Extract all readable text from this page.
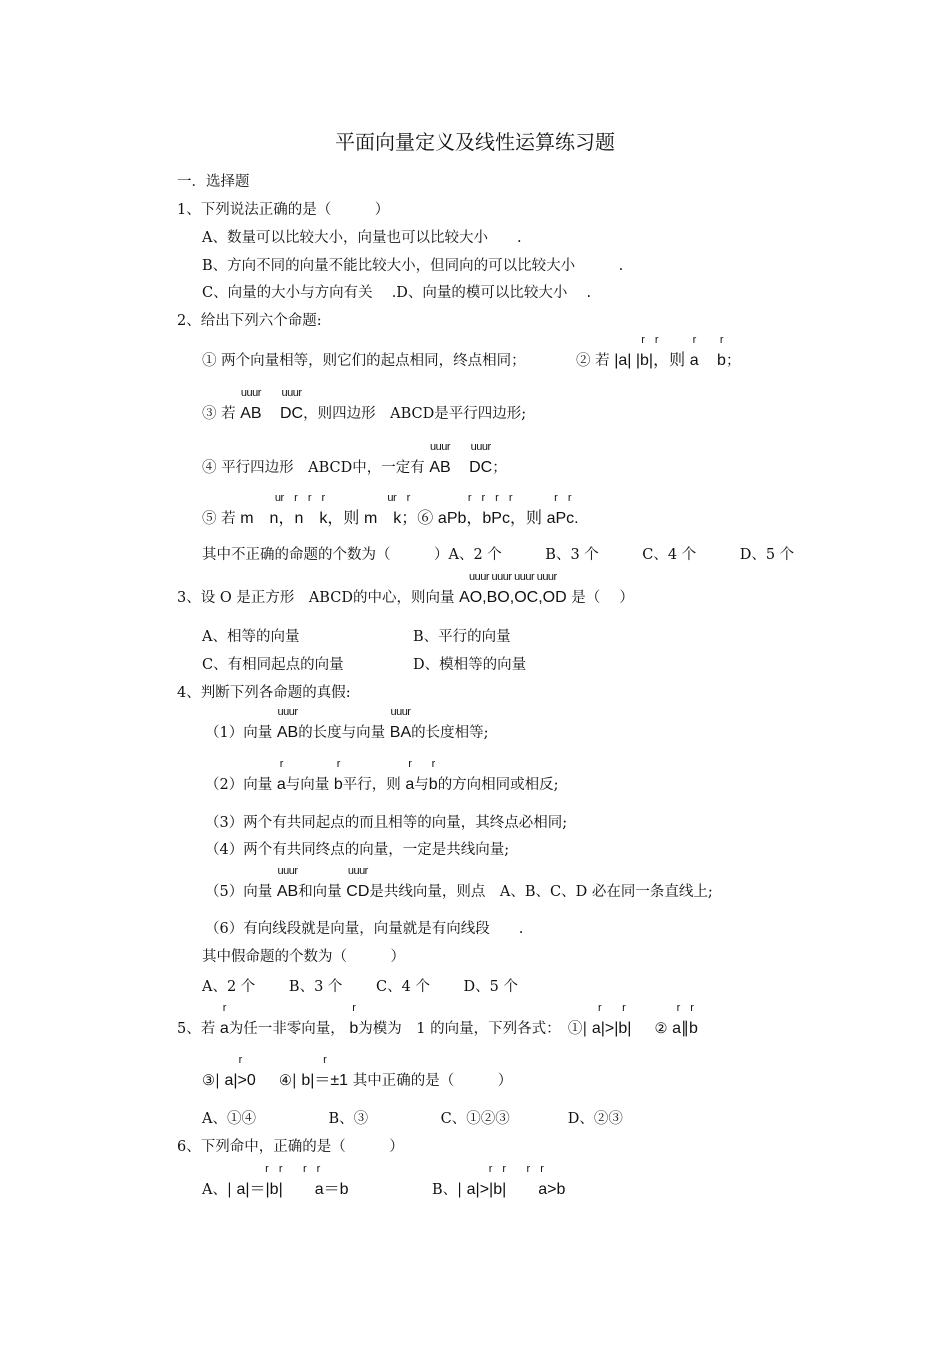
平面向量定义及线性运算练习题
一．选择题
1、下列说法正确的是（　　　）
A、数量可以比较大小，向量也可以比较大小　　.
B、方向不同的向量不能比较大小，但同向的可以比较大小　　　.
C、向量的大小与方向有关　 .D、向量的模可以比较大小　 .
2、给出下列六个命题:
① 两个向量相等，则它们的起点相同，终点相同；	② 若
r　r
|a| |b|，则
r
a
r
b；
③ 若
uuur
AB
uuur
DC，则四边形　ABCD是平行四边形;
④ 平行四边形　ABCD中，一定有
uuur
AB
uuur
DC；
⑤ 若
ur　r　r　r
m　n，n　k，则
ur　r
m　k；⑥
r　r　r　r
aPb，bPc，则
r　r
aPc.
其中不正确的命题的个数为（　　　）A、2 个　　　B、3 个　　　C、4 个　　　D、5 个
3、设 O 是正方形　ABCD的中心，则向量
uuur uuur uuur uuur
AO,BO,OC,OD 是（　 ）
A、相等的向量	B、平行的向量
C、有相同起点的向量	D、模相等的向量
4、判断下列各命题的真假:
（1）向量
uuur
AB的长度与向量
uuur
BA的长度相等;
（2）向量
r
a与向量
r
b平行，则
r
a与
r
b的方向相同或相反;
（3）两个有共同起点的而且相等的向量，其终点必相同;
（4）两个有共同终点的向量，一定是共线向量;
（5）向量
uuur
AB和向量
uuur
CD是共线向量，则点　A、B、C、D 必在同一条直线上;
（6）有向线段就是向量，向量就是有向线段　　.
其中假命题的个数为（　　　）
A、2 个　　 B、3 个　　 C、4 个　　 D、5 个
5、若
r
a为任一非零向量，
r
b为模为　1 的向量，下列各式：　①|
r　　r
a|>|b| ②
r　r
a∥b
③|
r
a|>0 ④|
r
b|＝±1 其中正确的是（　　　）
A、①④　　　　　B、③　　　　　C、①②③　　　　D、②③
6、下列命中，正确的是（　　　）
A、|
r　r　　r　r
a|＝|b|　　a＝b	B、|
r　r　　r　r
a|>|b|　　a>b
